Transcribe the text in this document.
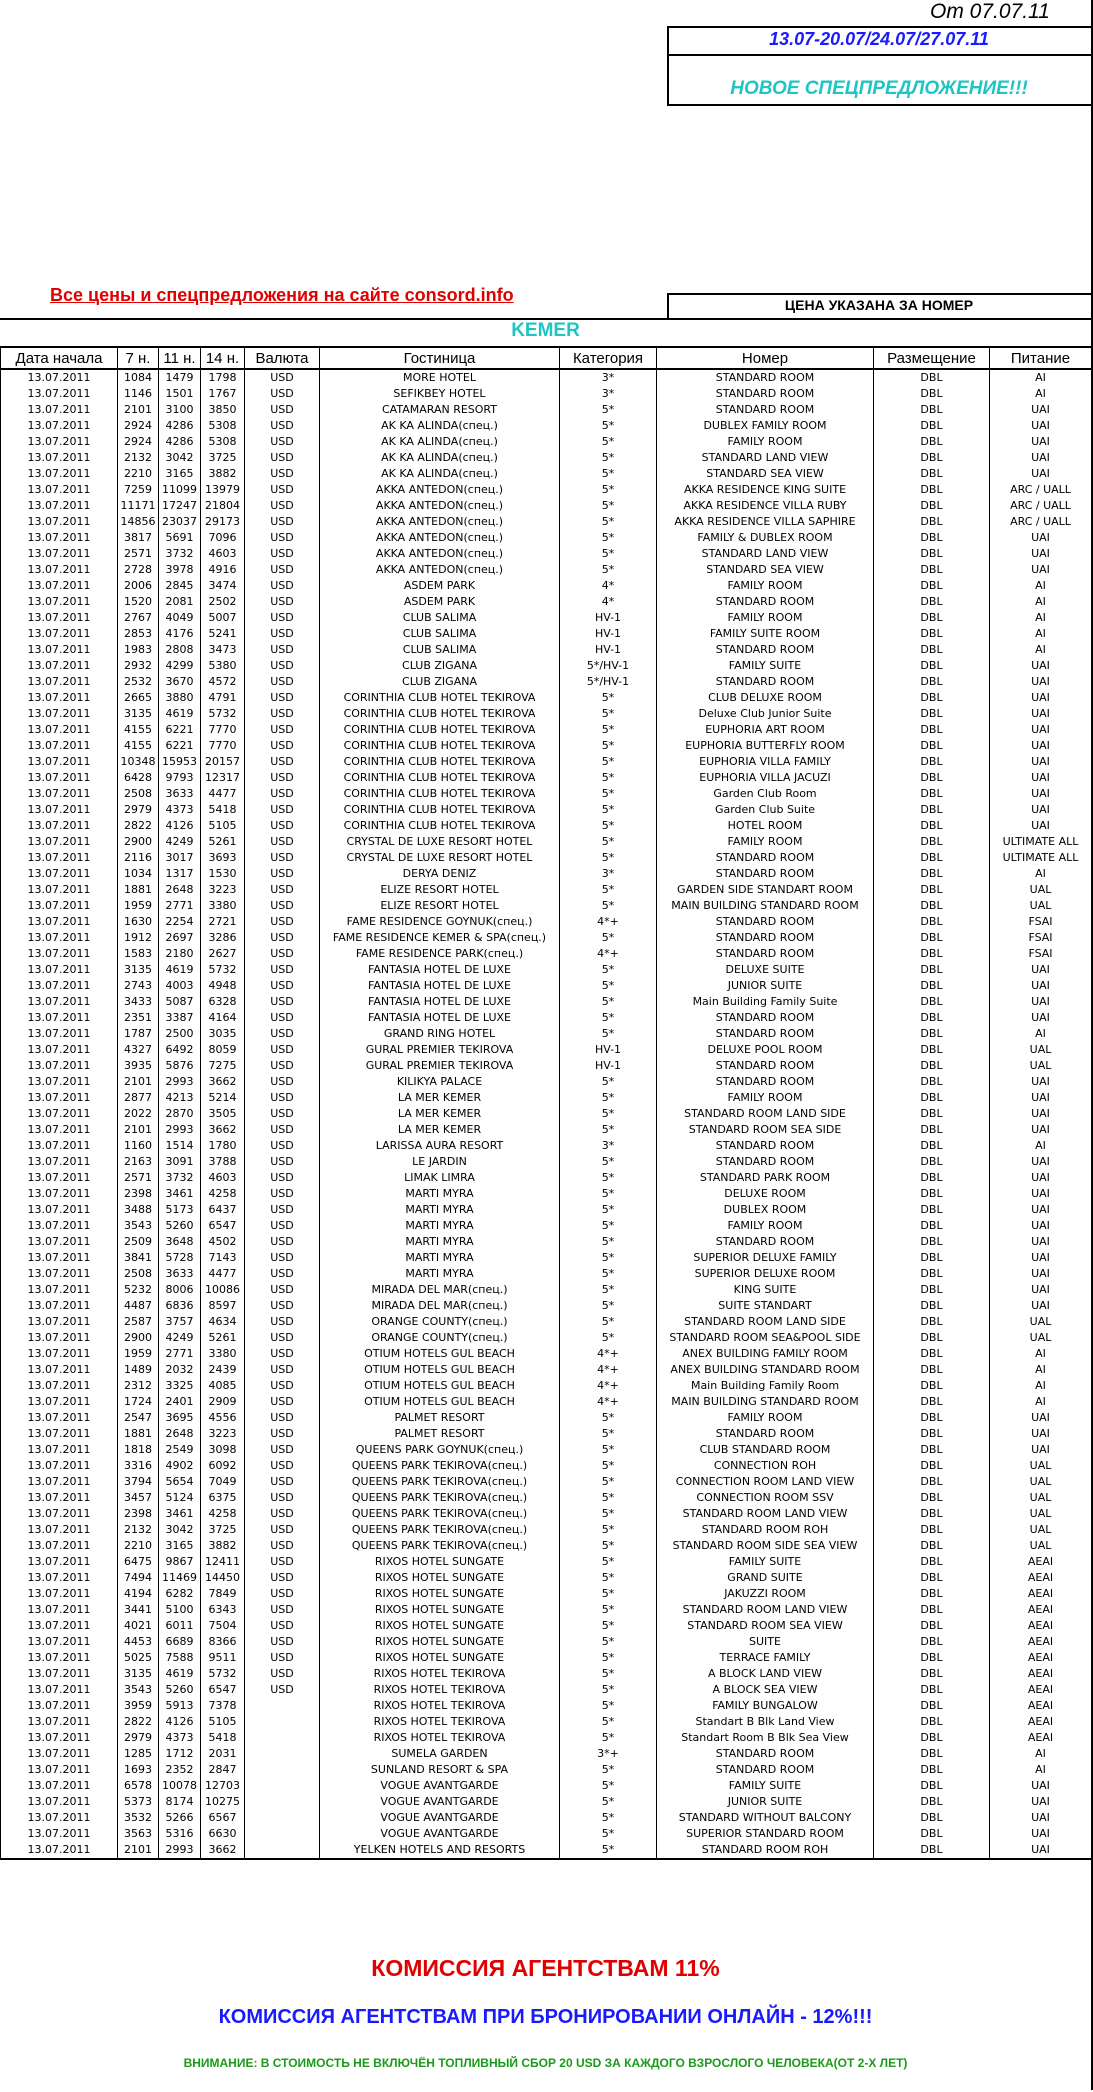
От 07.07.11
13.07-20.07/24.07/27.07.11
НОВОЕ СПЕЦПРЕДЛОЖЕНИЕ!!!
Все цены и спецпредложения на сайте consord.info	ЦЕНА УКАЗАНА ЗА НОМЕР
KEMER
Дата начала	7 н.	11 н.	14 н.	Валюта	Гостиница	Категория	Номер	Размещение	Питание
13.07.2011	1084	1479	1798	USD	MORE HOTEL	3*	STANDARD ROOM	DBL	AI
13.07.2011	1146	1501	1767	USD	SEFIKBEY HOTEL	3*	STANDARD ROOM	DBL	AI
13.07.2011	2101	3100	3850	USD	CATAMARAN RESORT	5*	STANDARD ROOM	DBL	UAI
13.07.2011	2924	4286	5308	USD	AK KA ALINDA(спец.)	5*	DUBLEX FAMILY ROOM	DBL	UAI
13.07.2011	2924	4286	5308	USD	AK KA ALINDA(спец.)	5*	FAMILY ROOM	DBL	UAI
13.07.2011	2132	3042	3725	USD	AK KA ALINDA(спец.)	5*	STANDARD LAND VIEW	DBL	UAI
13.07.2011	2210	3165	3882	USD	AK KA ALINDA(спец.)	5*	STANDARD SEA VIEW	DBL	UAI
13.07.2011	7259	11099	13979	USD	AKKA ANTEDON(спец.)	5*	AKKA RESIDENCE KING SUITE	DBL	ARC / UALL
13.07.2011	11171	17247	21804	USD	AKKA ANTEDON(спец.)	5*	AKKA RESIDENCE VILLA RUBY	DBL	ARC / UALL
13.07.2011	14856	23037	29173	USD	AKKA ANTEDON(спец.)	5*	AKKA RESIDENCE VILLA SAPHIRE	DBL	ARC / UALL
13.07.2011	3817	5691	7096	USD	AKKA ANTEDON(спец.)	5*	FAMILY & DUBLEX ROOM	DBL	UAI
13.07.2011	2571	3732	4603	USD	AKKA ANTEDON(спец.)	5*	STANDARD LAND VIEW	DBL	UAI
13.07.2011	2728	3978	4916	USD	AKKA ANTEDON(спец.)	5*	STANDARD SEA VIEW	DBL	UAI
13.07.2011	2006	2845	3474	USD	ASDEM PARK	4*	FAMILY ROOM	DBL	AI
13.07.2011	1520	2081	2502	USD	ASDEM PARK	4*	STANDARD ROOM	DBL	AI
13.07.2011	2767	4049	5007	USD	CLUB SALIMA	HV-1	FAMILY ROOM	DBL	AI
13.07.2011	2853	4176	5241	USD	CLUB SALIMA	HV-1	FAMILY SUITE ROOM	DBL	AI
13.07.2011	1983	2808	3473	USD	CLUB SALIMA	HV-1	STANDARD ROOM	DBL	AI
13.07.2011	2932	4299	5380	USD	CLUB ZIGANA	5*/HV-1	FAMILY SUITE	DBL	UAI
13.07.2011	2532	3670	4572	USD	CLUB ZIGANA	5*/HV-1	STANDARD ROOM	DBL	UAI
13.07.2011	2665	3880	4791	USD	CORINTHIA CLUB HOTEL TEKIROVA	5*	CLUB DELUXE ROOM	DBL	UAI
13.07.2011	3135	4619	5732	USD	CORINTHIA CLUB HOTEL TEKIROVA	5*	Deluxe Club Junior Suite	DBL	UAI
13.07.2011	4155	6221	7770	USD	CORINTHIA CLUB HOTEL TEKIROVA	5*	EUPHORIA ART ROOM	DBL	UAI
13.07.2011	4155	6221	7770	USD	CORINTHIA CLUB HOTEL TEKIROVA	5*	EUPHORIA BUTTERFLY ROOM	DBL	UAI
13.07.2011	10348	15953	20157	USD	CORINTHIA CLUB HOTEL TEKIROVA	5*	EUPHORIA VILLA FAMILY	DBL	UAI
13.07.2011	6428	9793	12317	USD	CORINTHIA CLUB HOTEL TEKIROVA	5*	EUPHORIA VILLA JACUZI	DBL	UAI
13.07.2011	2508	3633	4477	USD	CORINTHIA CLUB HOTEL TEKIROVA	5*	Garden Club Room	DBL	UAI
13.07.2011	2979	4373	5418	USD	CORINTHIA CLUB HOTEL TEKIROVA	5*	Garden Club Suite	DBL	UAI
13.07.2011	2822	4126	5105	USD	CORINTHIA CLUB HOTEL TEKIROVA	5*	HOTEL ROOM	DBL	UAI
13.07.2011	2900	4249	5261	USD	CRYSTAL DE LUXE RESORT HOTEL	5*	FAMILY ROOM	DBL	ULTIMATE ALL
13.07.2011	2116	3017	3693	USD	CRYSTAL DE LUXE RESORT HOTEL	5*	STANDARD ROOM	DBL	ULTIMATE ALL
13.07.2011	1034	1317	1530	USD	DERYA DENIZ	3*	STANDARD ROOM	DBL	AI
13.07.2011	1881	2648	3223	USD	ELIZE RESORT HOTEL	5*	GARDEN SIDE STANDART ROOM	DBL	UAL
13.07.2011	1959	2771	3380	USD	ELIZE RESORT HOTEL	5*	MAIN BUILDING STANDARD ROOM	DBL	UAL
13.07.2011	1630	2254	2721	USD	FAME RESIDENCE GOYNUK(спец.)	4*+	STANDARD ROOM	DBL	FSAI
13.07.2011	1912	2697	3286	USD	FAME RESIDENCE KEMER & SPA(спец.)	5*	STANDARD ROOM	DBL	FSAI
13.07.2011	1583	2180	2627	USD	FAME RESIDENCE PARK(спец.)	4*+	STANDARD ROOM	DBL	FSAI
13.07.2011	3135	4619	5732	USD	FANTASIA HOTEL DE LUXE	5*	DELUXE SUITE	DBL	UAI
13.07.2011	2743	4003	4948	USD	FANTASIA HOTEL DE LUXE	5*	JUNIOR SUITE	DBL	UAI
13.07.2011	3433	5087	6328	USD	FANTASIA HOTEL DE LUXE	5*	Main Building Family Suite	DBL	UAI
13.07.2011	2351	3387	4164	USD	FANTASIA HOTEL DE LUXE	5*	STANDARD ROOM	DBL	UAI
13.07.2011	1787	2500	3035	USD	GRAND RING HOTEL	5*	STANDARD ROOM	DBL	AI
13.07.2011	4327	6492	8059	USD	GURAL PREMIER TEKIROVA	HV-1	DELUXE POOL ROOM	DBL	UAL
13.07.2011	3935	5876	7275	USD	GURAL PREMIER TEKIROVA	HV-1	STANDARD ROOM	DBL	UAL
13.07.2011	2101	2993	3662	USD	KILIKYA PALACE	5*	STANDARD ROOM	DBL	UAI
13.07.2011	2877	4213	5214	USD	LA MER KEMER	5*	FAMILY ROOM	DBL	UAI
13.07.2011	2022	2870	3505	USD	LA MER KEMER	5*	STANDARD ROOM LAND SIDE	DBL	UAI
13.07.2011	2101	2993	3662	USD	LA MER KEMER	5*	STANDARD ROOM SEA SIDE	DBL	UAI
13.07.2011	1160	1514	1780	USD	LARISSA AURA RESORT	3*	STANDARD ROOM	DBL	AI
13.07.2011	2163	3091	3788	USD	LE JARDIN	5*	STANDARD ROOM	DBL	UAI
13.07.2011	2571	3732	4603	USD	LIMAK LIMRA	5*	STANDARD PARK ROOM	DBL	UAI
13.07.2011	2398	3461	4258	USD	MARTI MYRA	5*	DELUXE ROOM	DBL	UAI
13.07.2011	3488	5173	6437	USD	MARTI MYRA	5*	DUBLEX ROOM	DBL	UAI
13.07.2011	3543	5260	6547	USD	MARTI MYRA	5*	FAMILY ROOM	DBL	UAI
13.07.2011	2509	3648	4502	USD	MARTI MYRA	5*	STANDARD ROOM	DBL	UAI
13.07.2011	3841	5728	7143	USD	MARTI MYRA	5*	SUPERIOR DELUXE FAMILY	DBL	UAI
13.07.2011	2508	3633	4477	USD	MARTI MYRA	5*	SUPERIOR DELUXE ROOM	DBL	UAI
13.07.2011	5232	8006	10086	USD	MIRADA DEL MAR(спец.)	5*	KING SUITE	DBL	UAI
13.07.2011	4487	6836	8597	USD	MIRADA DEL MAR(спец.)	5*	SUITE STANDART	DBL	UAI
13.07.2011	2587	3757	4634	USD	ORANGE COUNTY(спец.)	5*	STANDARD ROOM LAND SIDE	DBL	UAL
13.07.2011	2900	4249	5261	USD	ORANGE COUNTY(спец.)	5*	STANDARD ROOM SEA&POOL SIDE	DBL	UAL
13.07.2011	1959	2771	3380	USD	OTIUM HOTELS GUL BEACH	4*+	ANEX BUILDING FAMILY ROOM	DBL	AI
13.07.2011	1489	2032	2439	USD	OTIUM HOTELS GUL BEACH	4*+	ANEX BUILDING STANDARD ROOM	DBL	AI
13.07.2011	2312	3325	4085	USD	OTIUM HOTELS GUL BEACH	4*+	Main Building Family Room	DBL	AI
13.07.2011	1724	2401	2909	USD	OTIUM HOTELS GUL BEACH	4*+	MAIN BUILDING STANDARD ROOM	DBL	AI
13.07.2011	2547	3695	4556	USD	PALMET RESORT	5*	FAMILY ROOM	DBL	UAI
13.07.2011	1881	2648	3223	USD	PALMET RESORT	5*	STANDARD ROOM	DBL	UAI
13.07.2011	1818	2549	3098	USD	QUEENS PARK GOYNUK(спец.)	5*	CLUB STANDARD ROOM	DBL	UAI
13.07.2011	3316	4902	6092	USD	QUEENS PARK TEKIROVA(спец.)	5*	CONNECTION ROH	DBL	UAL
13.07.2011	3794	5654	7049	USD	QUEENS PARK TEKIROVA(спец.)	5*	CONNECTION ROOM LAND VIEW	DBL	UAL
13.07.2011	3457	5124	6375	USD	QUEENS PARK TEKIROVA(спец.)	5*	CONNECTION ROOM SSV	DBL	UAL
13.07.2011	2398	3461	4258	USD	QUEENS PARK TEKIROVA(спец.)	5*	STANDARD ROOM LAND VIEW	DBL	UAL
13.07.2011	2132	3042	3725	USD	QUEENS PARK TEKIROVA(спец.)	5*	STANDARD ROOM ROH	DBL	UAL
13.07.2011	2210	3165	3882	USD	QUEENS PARK TEKIROVA(спец.)	5*	STANDARD ROOM SIDE SEA VIEW	DBL	UAL
13.07.2011	6475	9867	12411	USD	RIXOS HOTEL SUNGATE	5*	FAMILY SUITE	DBL	AEAI
13.07.2011	7494	11469	14450	USD	RIXOS HOTEL SUNGATE	5*	GRAND SUITE	DBL	AEAI
13.07.2011	4194	6282	7849	USD	RIXOS HOTEL SUNGATE	5*	JAKUZZI ROOM	DBL	AEAI
13.07.2011	3441	5100	6343	USD	RIXOS HOTEL SUNGATE	5*	STANDARD ROOM LAND VIEW	DBL	AEAI
13.07.2011	4021	6011	7504	USD	RIXOS HOTEL SUNGATE	5*	STANDARD ROOM SEA VIEW	DBL	AEAI
13.07.2011	4453	6689	8366	USD	RIXOS HOTEL SUNGATE	5*	SUITE	DBL	AEAI
13.07.2011	5025	7588	9511	USD	RIXOS HOTEL SUNGATE	5*	TERRACE FAMILY	DBL	AEAI
13.07.2011	3135	4619	5732	USD	RIXOS HOTEL TEKIROVA	5*	A BLOCK LAND VIEW	DBL	AEAI
13.07.2011	3543	5260	6547	USD	RIXOS HOTEL TEKIROVA	5*	A BLOCK SEA VIEW	DBL	AEAI
13.07.2011	3959	5913	7378		RIXOS HOTEL TEKIROVA	5*	FAMILY BUNGALOW	DBL	AEAI
13.07.2011	2822	4126	5105		RIXOS HOTEL TEKIROVA	5*	Standart B Blk Land View	DBL	AEAI
13.07.2011	2979	4373	5418		RIXOS HOTEL TEKIROVA	5*	Standart Room B Blk Sea View	DBL	AEAI
13.07.2011	1285	1712	2031		SUMELA GARDEN	3*+	STANDARD ROOM	DBL	AI
13.07.2011	1693	2352	2847		SUNLAND RESORT & SPA	5*	STANDARD ROOM	DBL	AI
13.07.2011	6578	10078	12703		VOGUE AVANTGARDE	5*	FAMILY SUITE	DBL	UAI
13.07.2011	5373	8174	10275		VOGUE AVANTGARDE	5*	JUNIOR SUITE	DBL	UAI
13.07.2011	3532	5266	6567		VOGUE AVANTGARDE	5*	STANDARD WITHOUT BALCONY	DBL	UAI
13.07.2011	3563	5316	6630		VOGUE AVANTGARDE	5*	SUPERIOR STANDARD ROOM	DBL	UAI
13.07.2011	2101	2993	3662		YELKEN HOTELS AND RESORTS	5*	STANDARD ROOM ROH	DBL	UAI
КОМИССИЯ АГЕНТСТВАМ 11%
КОМИССИЯ АГЕНТСТВАМ ПРИ БРОНИРОВАНИИ ОНЛАЙН - 12%!!!
ВНИМАНИЕ: В СТОИМОСТЬ НЕ ВКЛЮЧЁН ТОПЛИВНЫЙ СБОР 20 USD ЗА КАЖДОГО ВЗРОСЛОГО ЧЕЛОВЕКА(ОТ 2-Х ЛЕТ)
